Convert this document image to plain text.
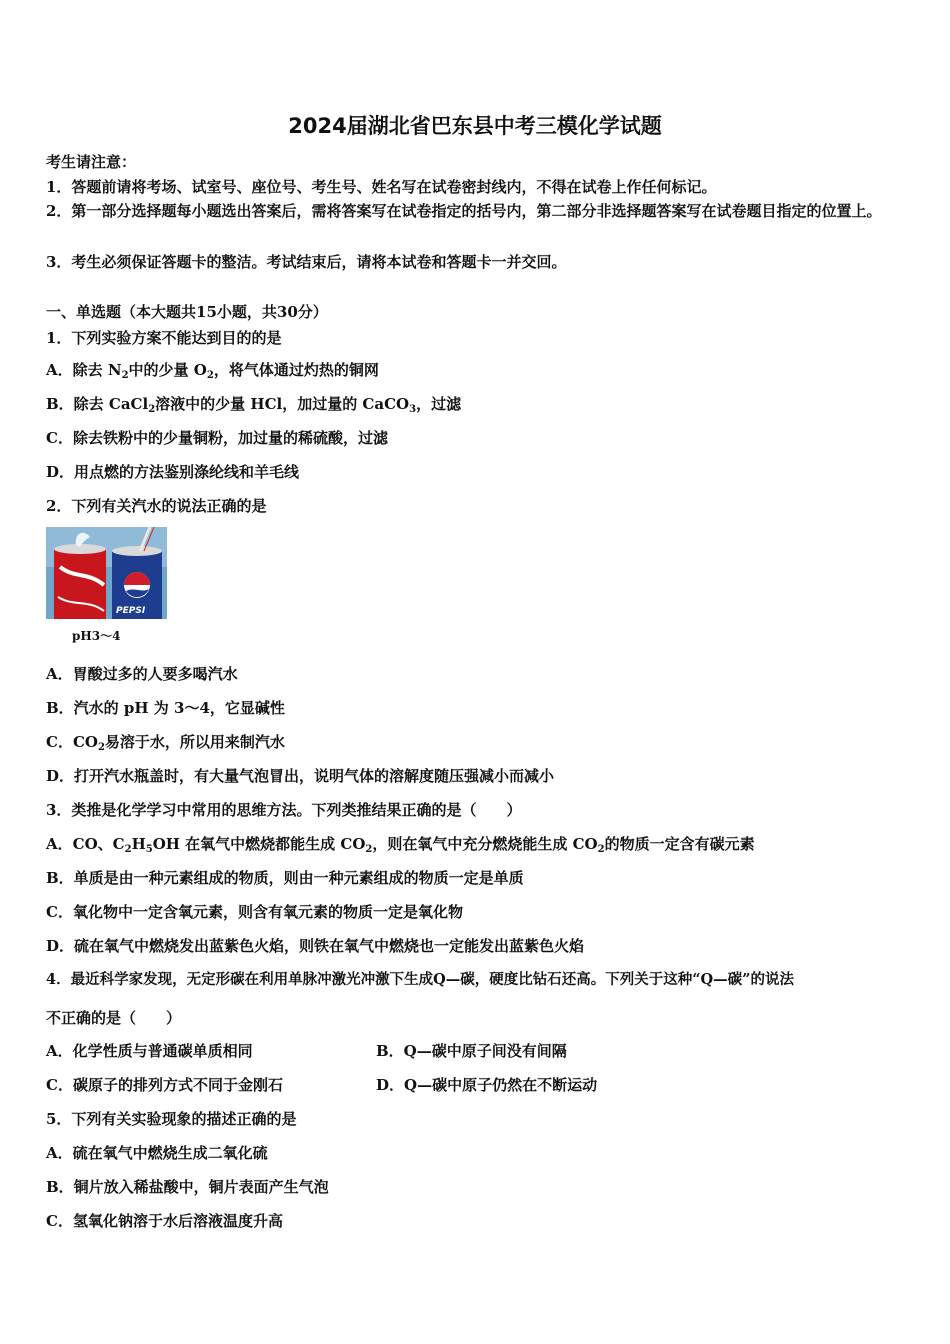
2024届湖北省巴东县中考三模化学试题
考生请注意：
1．答题前请将考场、试室号、座位号、考生号、姓名写在试卷密封线内，不得在试卷上作任何标记。
2．第一部分选择题每小题选出答案后，需将答案写在试卷指定的括号内，第二部分非选择题答案写在试卷题目指定的位置上。
3．考生必须保证答题卡的整洁。考试结束后，请将本试卷和答题卡一并交回。
一、单选题（本大题共15小题，共30分）
1．下列实验方案不能达到目的的是
A．除去 $N_2$中的少量 $O_2$，将气体通过灼热的铜网
B．除去 CaCl$_2$溶液中的少量 HCl，加过量的 CaCO$_3$，过滤
C．除去铁粉中的少量铜粉，加过量的稀硫酸，过滤
D．用点燃的方法鉴别涤纶线和羊毛线
2．下列有关汽水的说法正确的是
PEPSI
pH3～4
A．胃酸过多的人要多喝汽水
B．汽水的 pH 为 3～4，它显碱性
C．$CO_2$易溶于水，所以用来制汽水
D．打开汽水瓶盖时，有大量气泡冒出，说明气体的溶解度随压强减小而减小
3．类推是化学学习中常用的思维方法。下列类推结果正确的是（　　）
A．CO、$C_2H_5OH$ 在氧气中燃烧都能生成 $CO_2$，则在氧气中充分燃烧能生成 $CO_2$的物质一定含有碳元素
B．单质是由一种元素组成的物质，则由一种元素组成的物质一定是单质
C．氧化物中一定含氧元素，则含有氧元素的物质一定是氧化物
D．硫在氧气中燃烧发出蓝紫色火焰，则铁在氧气中燃烧也一定能发出蓝紫色火焰
4．最近科学家发现，无定形碳在利用单脉冲激光冲激下生成Q—碳，硬度比钻石还高。下列关于这种“Q—碳”的说法
不正确的是（　　）
A．化学性质与普通碳单质相同	B．Q—碳中原子间没有间隔
C．碳原子的排列方式不同于金刚石	D．Q—碳中原子仍然在不断运动
5．下列有关实验现象的描述正确的是
A．硫在氧气中燃烧生成二氧化硫
B．铜片放入稀盐酸中，铜片表面产生气泡
C．氢氧化钠溶于水后溶液温度升高
